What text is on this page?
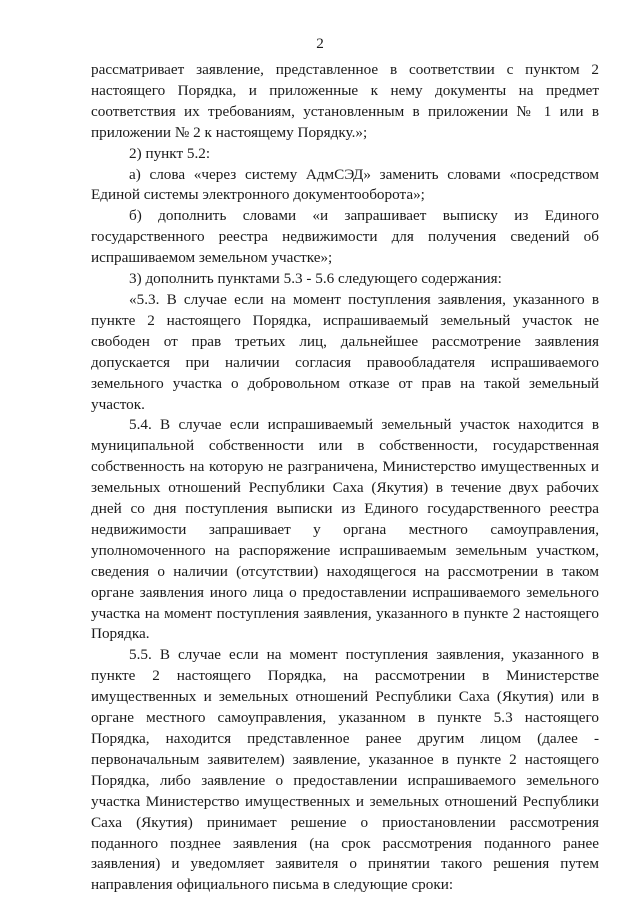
2

рассматривает заявление, представленное в соответствии с пунктом 2 настоящего Порядка, и приложенные к нему документы на предмет соответствия их требованиям, установленным в приложении № 1 или в приложении № 2 к настоящему Порядку.»;

2) пункт 5.2:

а) слова «через систему АдмСЭД» заменить словами «посредством Единой системы электронного документооборота»;

б) дополнить словами «и запрашивает выписку из Единого государственного реестра недвижимости для получения сведений об испрашиваемом земельном участке»;

3) дополнить пунктами 5.3 - 5.6 следующего содержания:

«5.3. В случае если на момент поступления заявления, указанного в пункте 2 настоящего Порядка, испрашиваемый земельный участок не свободен от прав третьих лиц, дальнейшее рассмотрение заявления допускается при наличии согласия правообладателя испрашиваемого земельного участка о добровольном отказе от прав на такой земельный участок.

5.4. В случае если испрашиваемый земельный участок находится в муниципальной собственности или в собственности, государственная собственность на которую не разграничена, Министерство имущественных и земельных отношений Республики Саха (Якутия) в течение двух рабочих дней со дня поступления выписки из Единого государственного реестра недвижимости запрашивает у органа местного самоуправления, уполномоченного на распоряжение испрашиваемым земельным участком, сведения о наличии (отсутствии) находящегося на рассмотрении в таком органе заявления иного лица о предоставлении испрашиваемого земельного участка на момент поступления заявления, указанного в пункте 2 настоящего Порядка.

5.5. В случае если на момент поступления заявления, указанного в пункте 2 настоящего Порядка, на рассмотрении в Министерстве имущественных и земельных отношений Республики Саха (Якутия) или в органе местного самоуправления, указанном в пункте 5.3 настоящего Порядка, находится представленное ранее другим лицом (далее - первоначальным заявителем) заявление, указанное в пункте 2 настоящего Порядка, либо заявление о предоставлении испрашиваемого земельного участка Министерство имущественных и земельных отношений Республики Саха (Якутия) принимает решение о приостановлении рассмотрения поданного позднее заявления (на срок рассмотрения поданного ранее заявления) и уведомляет заявителя о принятии такого решения путем направления официального письма в следующие сроки:
